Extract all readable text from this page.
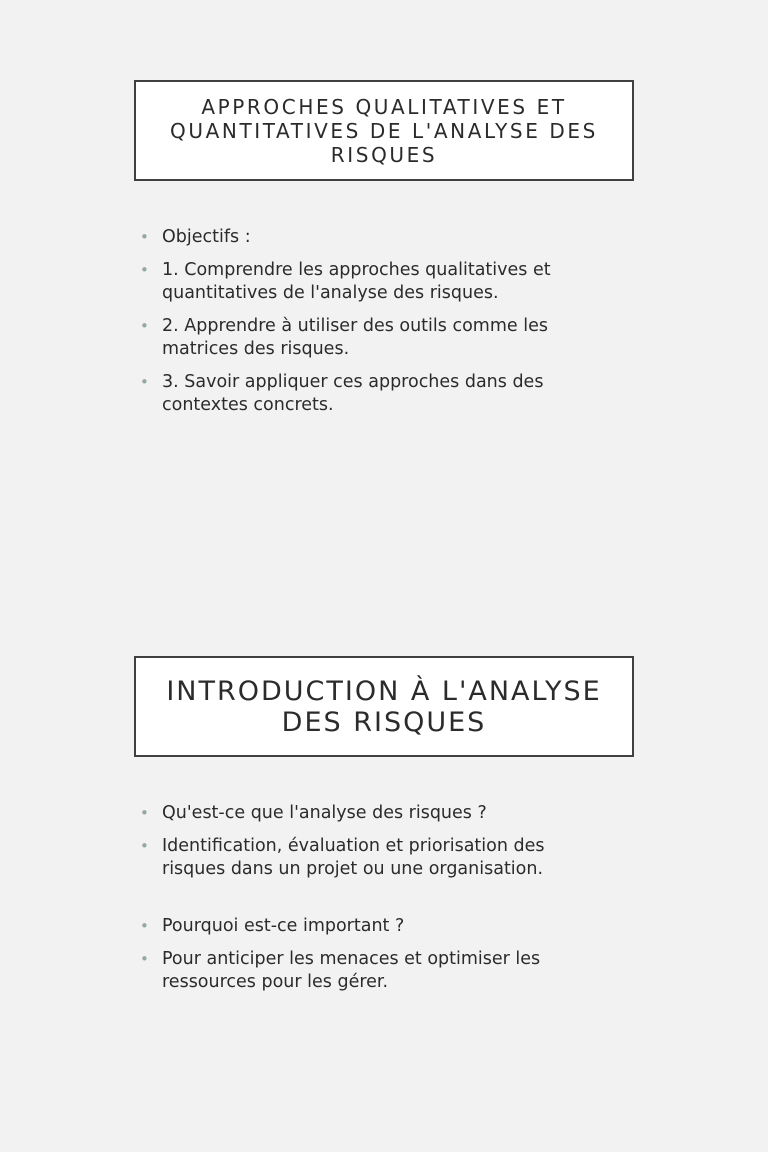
APPROCHES QUALITATIVES ET QUANTITATIVES DE L'ANALYSE DES RISQUES
• Objectifs :
• 1. Comprendre les approches qualitatives et quantitatives de l'analyse des risques.
• 2. Apprendre à utiliser des outils comme les matrices des risques.
• 3. Savoir appliquer ces approches dans des contextes concrets.
INTRODUCTION À L'ANALYSE DES RISQUES
• Qu'est-ce que l'analyse des risques ?
• Identification, évaluation et priorisation des risques dans un projet ou une organisation.
• Pourquoi est-ce important ?
• Pour anticiper les menaces et optimiser les ressources pour les gérer.
